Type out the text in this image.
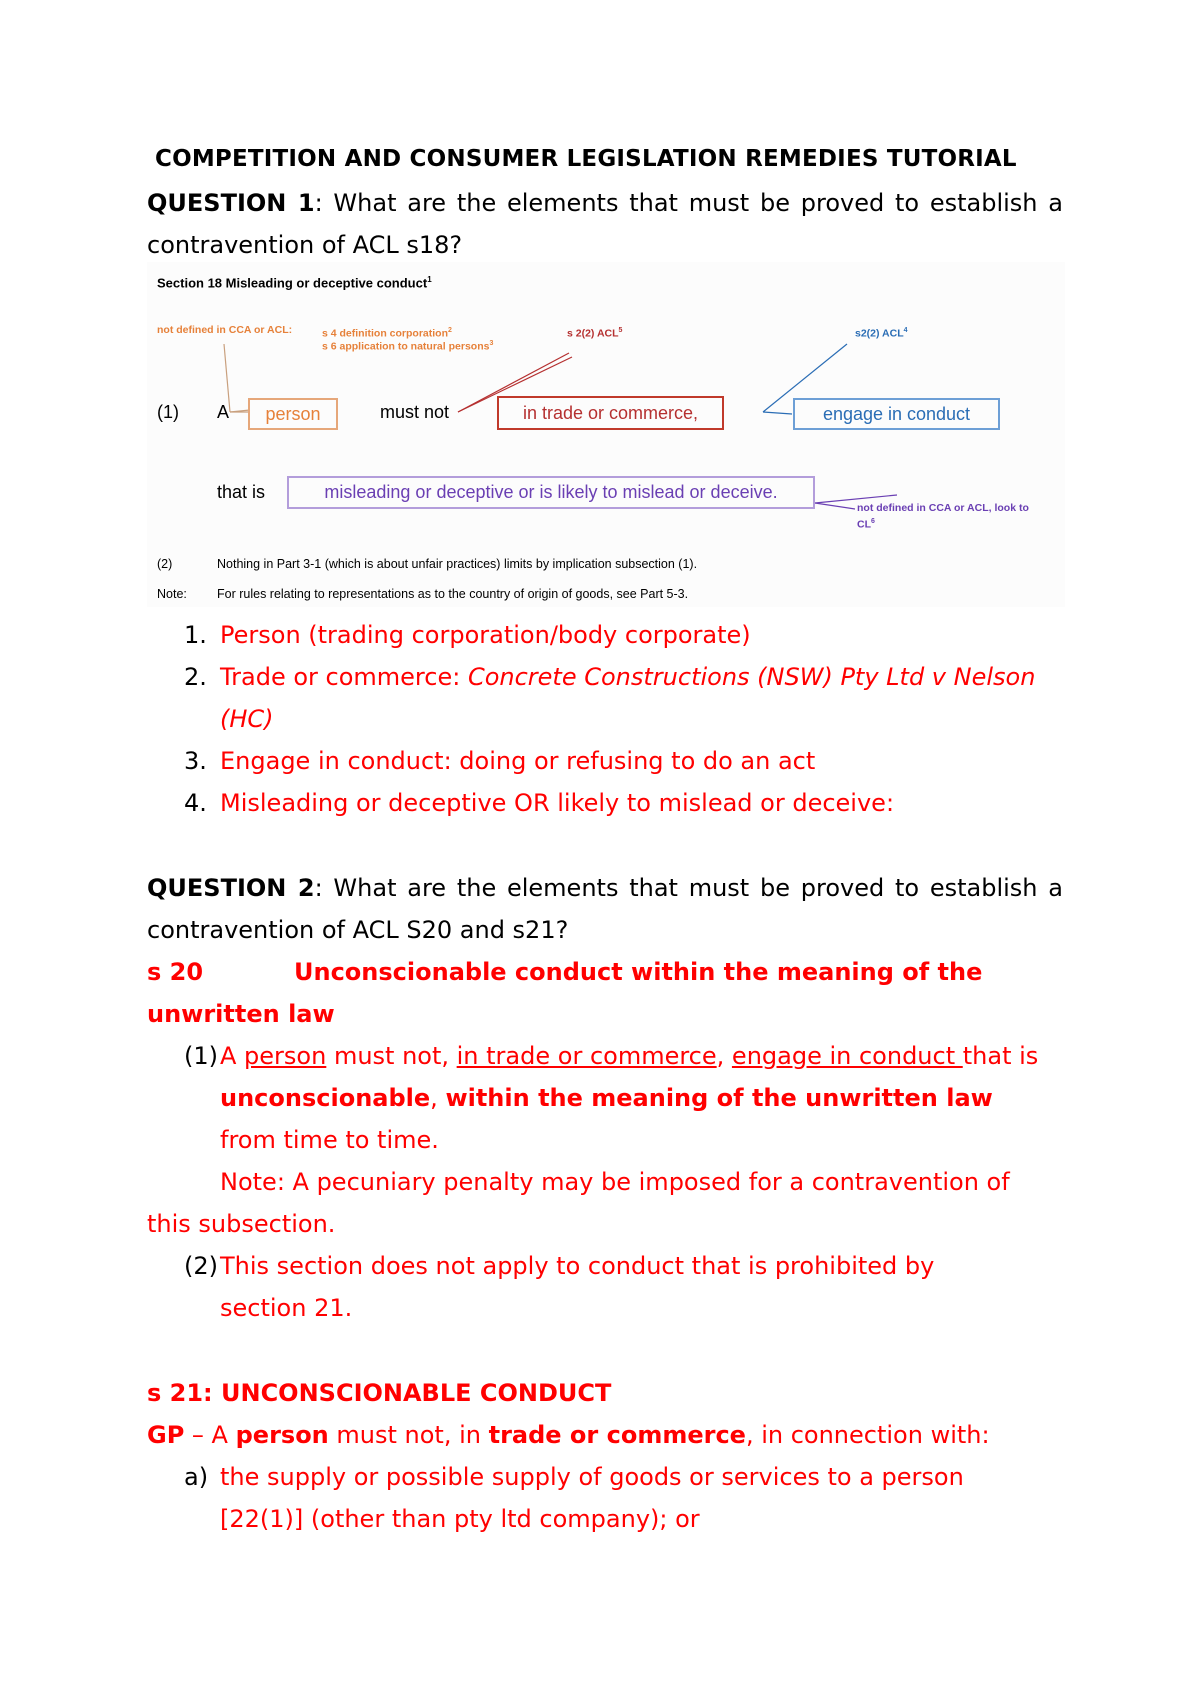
COMPETITION AND CONSUMER LEGISLATION REMEDIES TUTORIAL
QUESTION 1: What are the elements that must be proved to establish a
contravention of ACL s18?
Section 18 Misleading or deceptive conduct$^1$
not defined in CCA or ACL:	s 4 definition corporation$^2$
s 6 application to natural persons$^3$
s 2(2) ACL$^5$	s2(2) ACL$^4$
(1) A	person	must not	in trade or commerce,	engage in conduct
that is	misleading or deceptive or is likely to mislead or deceive.
not defined in CCA or ACL, look to
$CL^6$
(2)	Nothing in Part 3-1 (which is about unfair practices) limits by implication subsection (1).
Note: For rules relating to representations as to the country of origin of goods, see Part 5-3.
1. Person (trading corporation/body corporate)
2. Trade or commerce: Concrete Constructions (NSW) Pty Ltd v Nelson
(HC)
3. Engage in conduct: doing or refusing to do an act
4. Misleading or deceptive OR likely to mislead or deceive:
QUESTION 2: What are the elements that must be proved to establish a
contravention of ACL S20 and s21?
s 20	Unconscionable conduct within the meaning of the
unwritten law
(1) A person must not, in trade or commerce, engage in conduct that is
unconscionable, within the meaning of the unwritten law
from time to time.
Note: A pecuniary penalty may be imposed for a contravention of
this subsection.
(2) This section does not apply to conduct that is prohibited by
section 21.
s 21: UNCONSCIONABLE CONDUCT
GP – A person must not, in trade or commerce, in connection with:
a) the supply or possible supply of goods or services to a person
[22(1)] (other than pty ltd company); or
